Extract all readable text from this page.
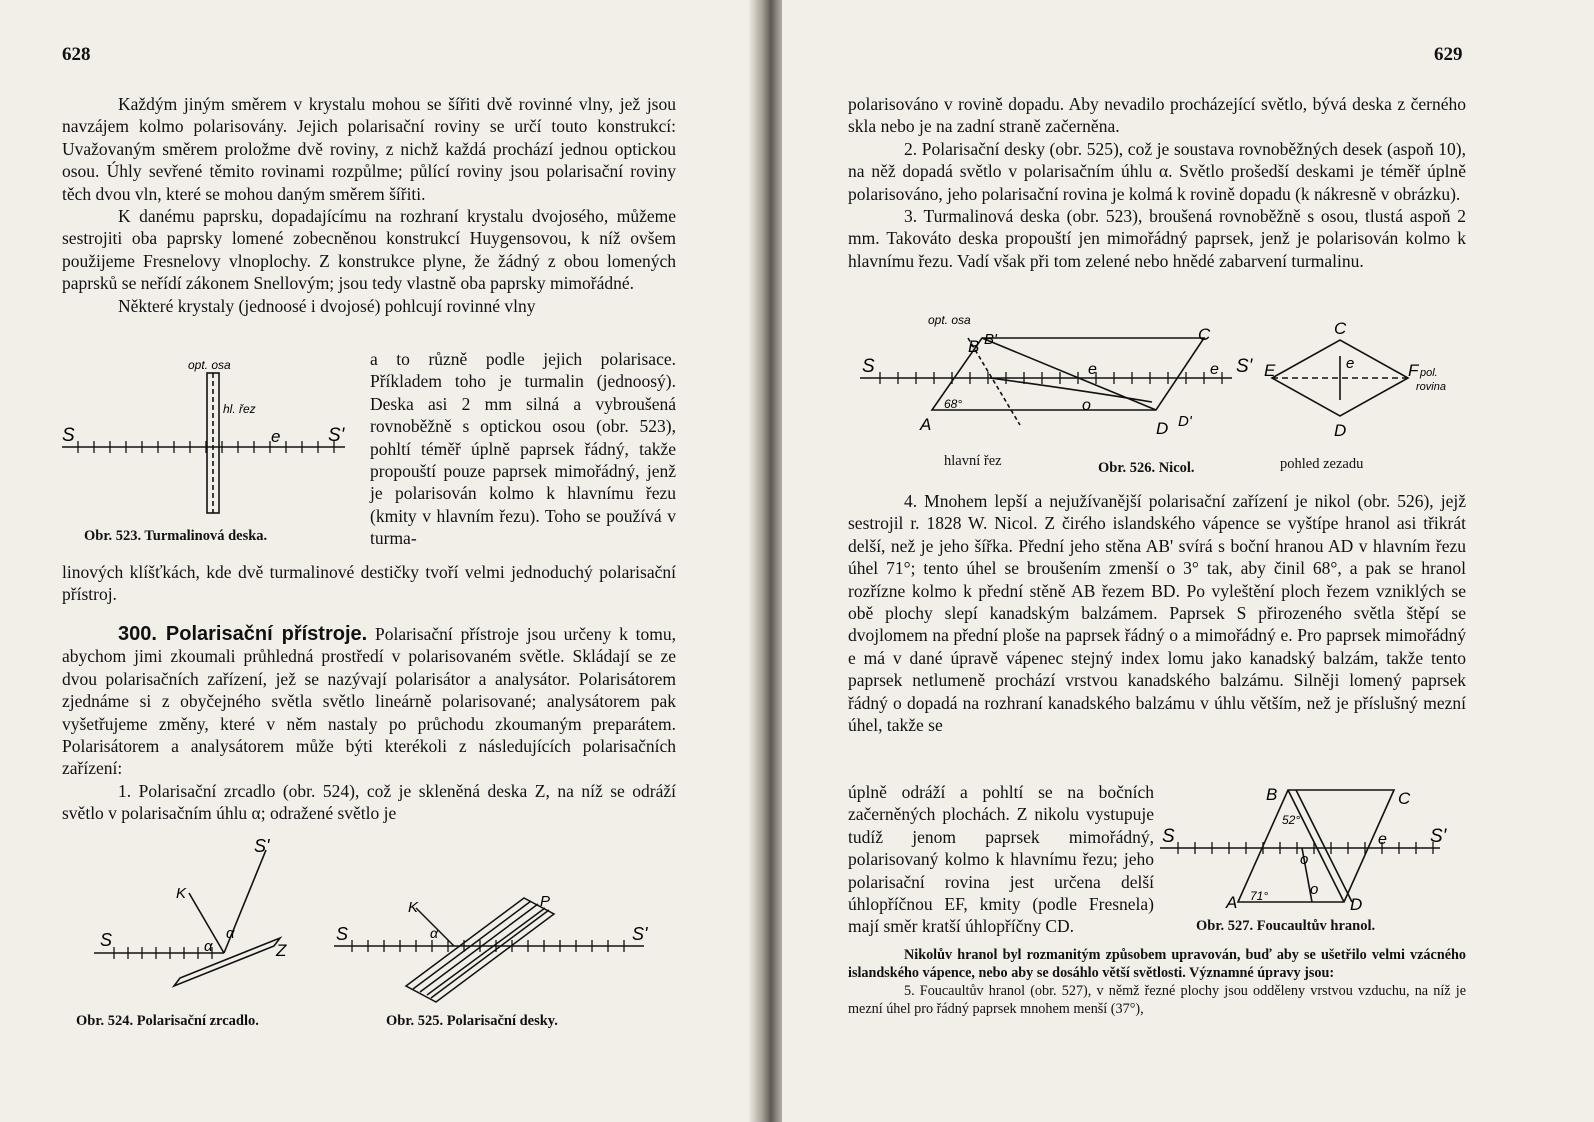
628

Každým jiným směrem v krystalu mohou se šířiti dvě rovinné vlny, jež jsou navzájem kolmo polarisovány. Jejich polarisační roviny se určí touto konstrukcí: Uvažovaným směrem proložme dvě roviny, z nichž každá prochází jednou optickou osou. Úhly sevřené těmito rovinami rozpůlme; půlící roviny jsou polarisační roviny těch dvou vln, které se mohou daným směrem šířiti.

K danému paprsku, dopadajícímu na rozhraní krystalu dvojosého, můžeme sestrojiti oba paprsky lomené zobecněnou konstrukcí Huygensovou, k níž ovšem použijeme Fresnelovy vlnoplochy. Z konstrukce plyne, že žádný z obou lomených paprsků se neřídí zákonem Snellovým; jsou tedy vlastně oba paprsky mimořádné.

Některé krystaly (jednoosé i dvojosé) pohlcují rovinné vlny

a to různě podle jejich polarisace. Příkladem toho je turmalin (jednoosý). Deska asi 2 mm silná a vybroušená rovnoběžně s optickou osou (obr. 523), pohltí téměř úplně paprsek řádný, takže propouští pouze paprsek mimořádný, jenž je polarisován kolmo k hlavnímu řezu (kmity v hlavním řezu). Toho se používá v turma-

linových klíšťkách, kde dvě turmalinové destičky tvoří velmi jednoduchý polarisační přístroj.

opt. osa
hl. řez
S	S'
e
Obr. 523. Turmalinová deska.

300. Polarisační přístroje. Polarisační přístroje jsou určeny k tomu, abychom jimi zkoumali průhledná prostředí v polarisovaném světle. Skládají se ze dvou polarisačních zařízení, jež se nazývají polarisátor a analysátor. Polarisátorem zjednáme si z obyčejného světla světlo lineárně polarisované; analysátorem pak vyšetřujeme změny, které v něm nastaly po průchodu zkoumaným preparátem. Polarisátorem a analysátorem může býti kterékoli z následujících polarisačních zařízení:

1. Polarisační zrcadlo (obr. 524), což je skleněná deska Z, na níž se odráží světlo v polarisačním úhlu α; odražené světlo je

S
S'
K
Z
α
α
Obr. 524. Polarisační zrcadlo.
S	S'
K	P
α
Obr. 525. Polarisační desky.
629

polarisováno v rovině dopadu. Aby nevadilo procházející světlo, bývá deska z černého skla nebo je na zadní straně začerněna.

2. Polarisační desky (obr. 525), což je soustava rovnoběžných desek (aspoň 10), na něž dopadá světlo v polarisačním úhlu α. Světlo prošedší deskami je téměř úplně polarisováno, jeho polarisační rovina je kolmá k rovině dopadu (k nákresně v obrázku).

3. Turmalinová deska (obr. 523), broušená rovnoběžně s osou, tlustá aspoň 2 mm. Takováto deska propouští jen mimořádný paprsek, jenž je polarisován kolmo k hlavnímu řezu. Vadí však při tom zelené nebo hnědé zabarvení turmalinu.

opt. osa
B B'	C
A	D D'
S	S'
e	e
o
68°
E	F pol.
rovina
C
D
e
hlavní řez	Obr. 526. Nicol.	pohled zezadu

4. Mnohem lepší a nejužívanější polarisační zařízení je nikol (obr. 526), jejž sestrojil r. 1828 W. Nicol. Z čirého islandského vápence se vyštípe hranol asi třikrát delší, než je jeho šířka. Přední jeho stěna AB' svírá s boční hranou AD v hlavním řezu úhel 71°; tento úhel se broušením zmenší o 3° tak, aby činil 68°, a pak se hranol rozřízne kolmo k přední stěně AB řezem BD. Po vyleštění ploch řezem vzniklých se obě plochy slepí kanadským balzámem. Paprsek S přirozeného světla štěpí se dvojlomem na přední ploše na paprsek řádný o a mimořádný e. Pro paprsek mimořádný e má v dané úpravě vápenec stejný index lomu jako kanadský balzám, takže tento paprsek netlumeně prochází vrstvou kanadského balzámu. Silněji lomený paprsek řádný o dopadá na rozhraní kanadského balzámu v úhlu větším, než je příslušný mezní úhel, takže se

úplně odráží a pohltí se na bočních začerněných plochách. Z nikolu vystupuje tudíž jenom paprsek mimořádný, polarisovaný kolmo k hlavnímu řezu; jeho polarisační rovina jest určena delší úhlopříčnou EF, kmity (podle Fresnela) mají směr kratší úhlopříčny CD.

B	C
A	D
S	S'
e
o
o
52°
71°
Obr. 527. Foucaultův hranol.

Nikolův hranol byl rozmanitým způsobem upravován, buď aby se ušetřilo velmi vzácného islandského vápence, nebo aby se dosáhlo větší světlosti. Významné úpravy jsou:

5. Foucaultův hranol (obr. 527), v němž řezné plochy jsou odděleny vrstvou vzduchu, na níž je mezní úhel pro řádný paprsek mnohem menší (37°),
